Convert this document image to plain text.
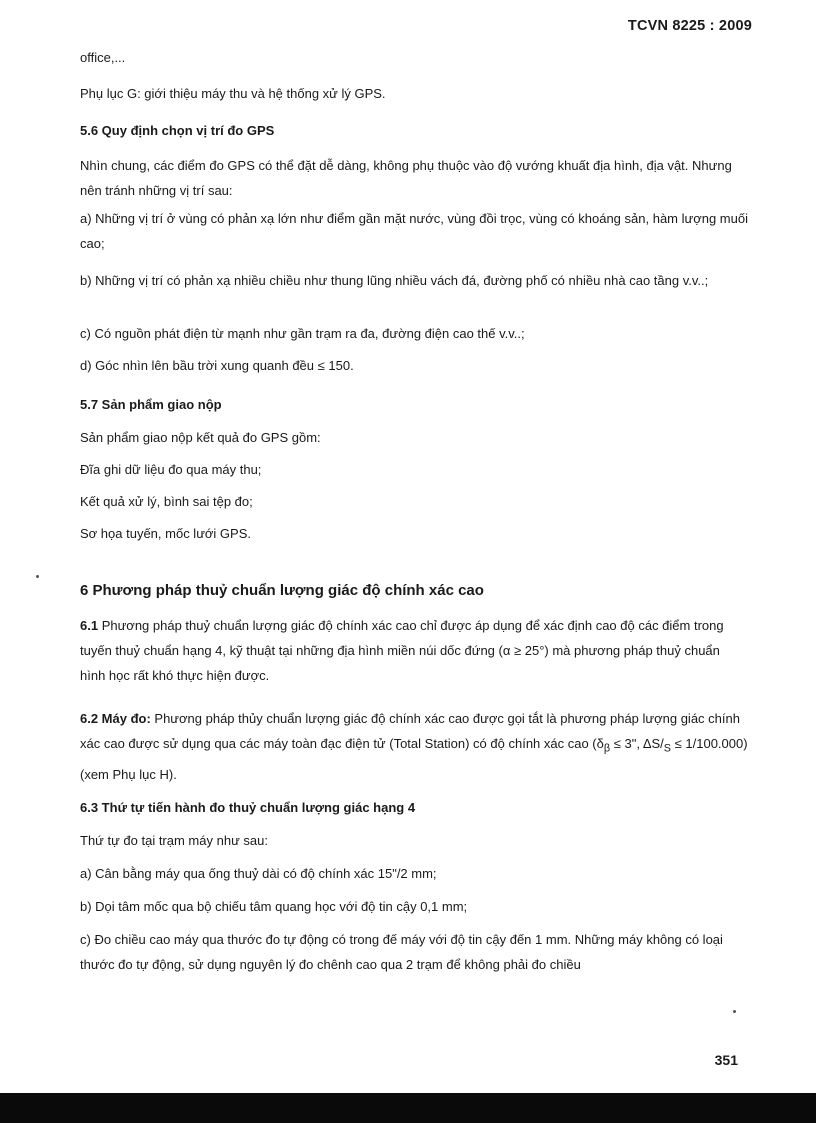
TCVN 8225 : 2009

office,...

Phụ lục G: giới thiệu máy thu và hệ thống xử lý GPS.

5.6 Quy định chọn vị trí đo GPS

Nhìn chung, các điểm đo GPS có thể đặt dễ dàng, không phụ thuộc vào độ vướng khuất địa hình, địa vật. Nhưng nên tránh những vị trí sau:

a) Những vị trí ở vùng có phản xạ lớn như điểm gần mặt nước, vùng đồi trọc, vùng có khoáng sản, hàm lượng muối cao;

b) Những vị trí có phản xạ nhiều chiều như thung lũng nhiều vách đá, đường phố có nhiều nhà cao tầng v.v..;

c) Có nguồn phát điện từ mạnh như gần trạm ra đa, đường điện cao thế v.v..;

d) Góc nhìn lên bầu trời xung quanh đều ≤ 150.

5.7 Sản phẩm giao nộp

Sản phẩm giao nộp kết quả đo GPS gồm:

Đĩa ghi dữ liệu đo qua máy thu;

Kết quả xử lý, bình sai tệp đo;

Sơ họa tuyến, mốc lưới GPS.

6 Phương pháp thuỷ chuẩn lượng giác độ chính xác cao

6.1 Phương pháp thuỷ chuẩn lượng giác độ chính xác cao chỉ được áp dụng để xác định cao độ các điểm trong tuyến thuỷ chuẩn hạng 4, kỹ thuật tại những địa hình miền núi dốc đứng (α ≥ 25°) mà phương pháp thuỷ chuẩn hình học rất khó thực hiện được.

6.2 Máy đo: Phương pháp thủy chuẩn lượng giác độ chính xác cao được gọi tắt là phương pháp lượng giác chính xác cao được sử dụng qua các máy toàn đạc điện tử (Total Station) có độ chính xác cao ($\delta_\beta \le 3$", $\Delta S/_S \le 1/100.000$) (xem Phụ lục H).

6.3 Thứ tự tiến hành đo thuỷ chuẩn lượng giác hạng 4

Thứ tự đo tại trạm máy như sau:

a) Cân bằng máy qua ống thuỷ dài có độ chính xác 15"/2 mm;

b) Dọi tâm mốc qua bộ chiếu tâm quang học với độ tin cậy 0,1 mm;

c) Đo chiều cao máy qua thước đo tự động có trong đế máy với độ tin cậy đến 1 mm. Những máy không có loại thước đo tự động, sử dụng nguyên lý đo chênh cao qua 2 trạm để không phải đo chiều

351
